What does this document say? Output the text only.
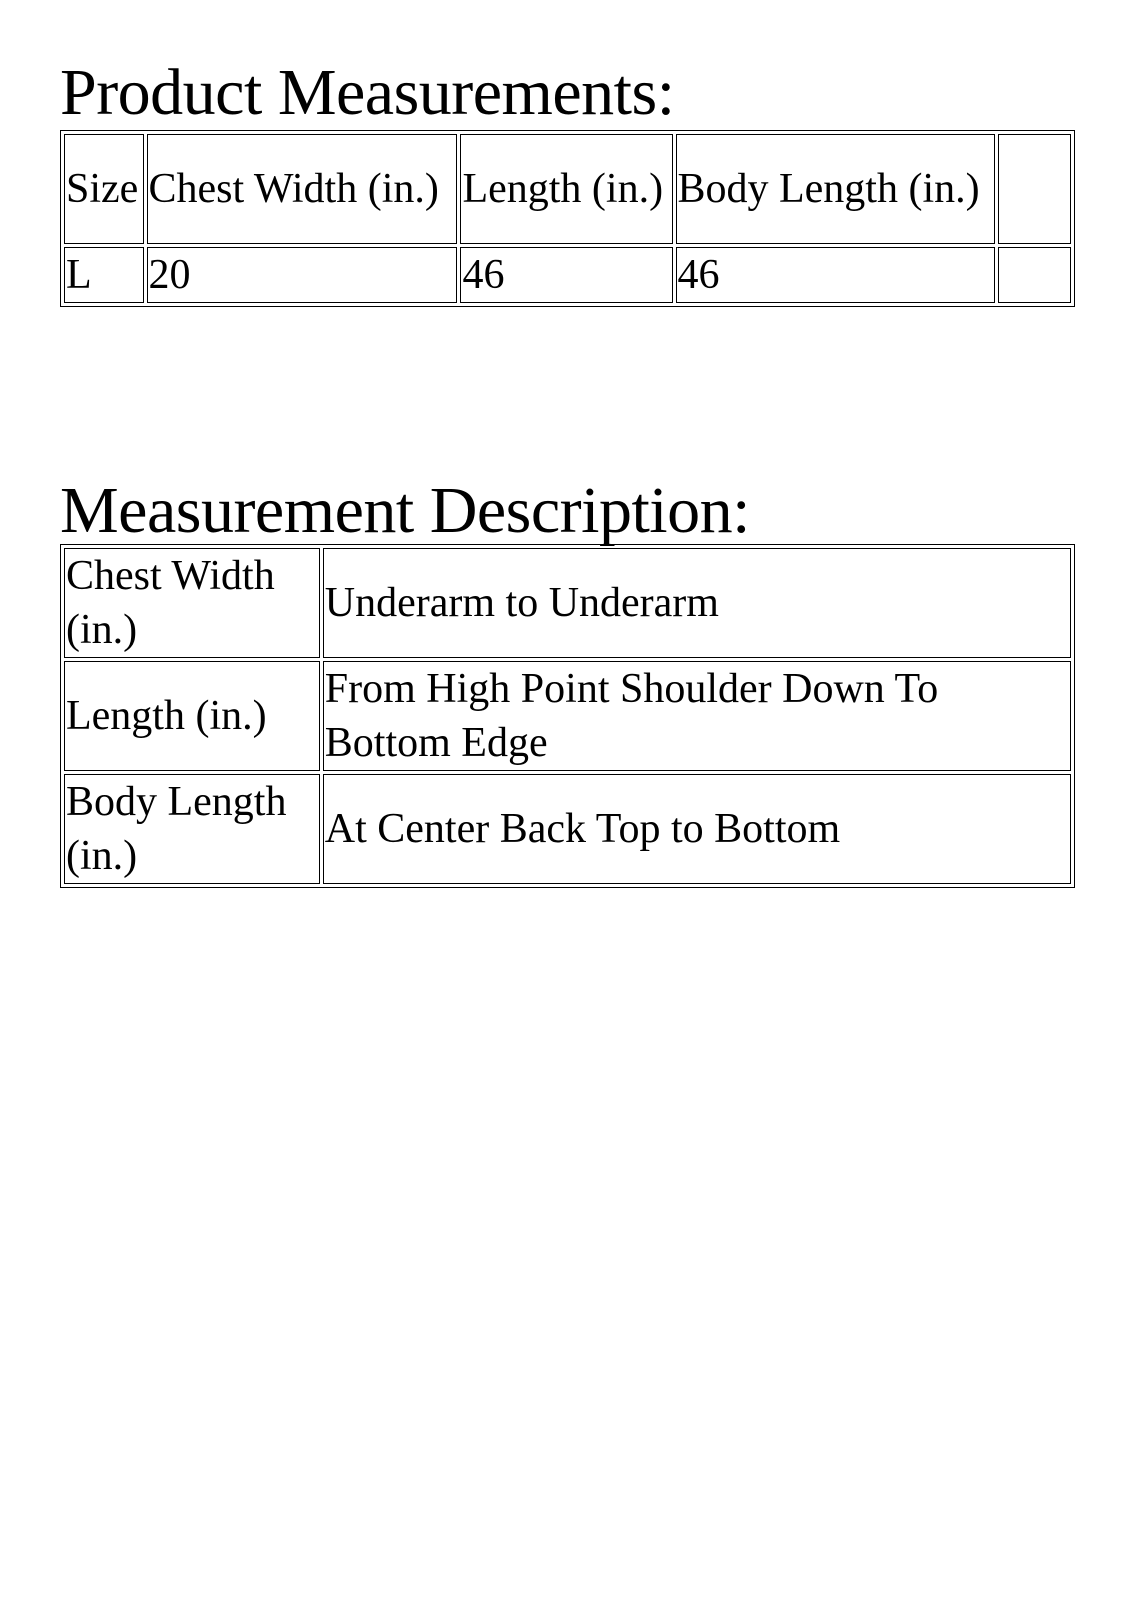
Product Measurements:
Size	Chest Width (in.)	Length (in.)	Body Length (in.)	
L	20	46	46	
Measurement Description:
Chest Width (in.)	Underarm to Underarm
Length (in.)	From High Point Shoulder Down To Bottom Edge
Body Length (in.)	At Center Back Top to Bottom
